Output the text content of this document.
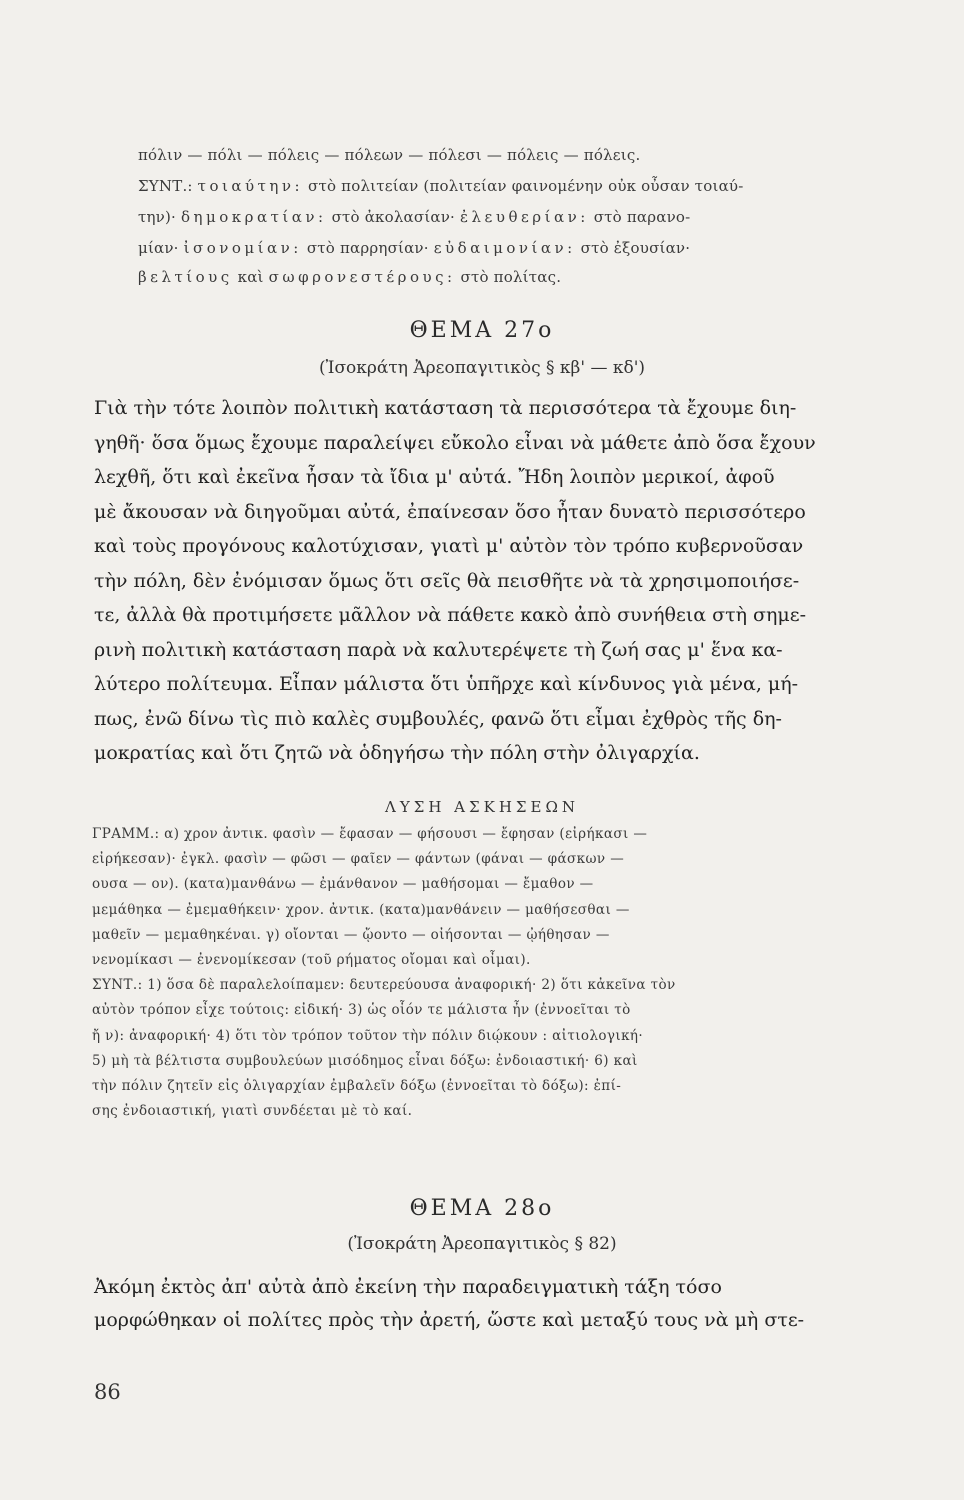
πόλιν — πόλι — πόλεις — πόλεων — πόλεσι — πόλεις — πόλεις.
ΣΥΝΤ.: τοιαύτην: στὸ πολιτείαν (πολιτείαν φαινομένην οὐκ οὖσαν τοιαύ-
την)· δημοκρατίαν: στὸ ἀκολασίαν· ἐλευθερίαν: στὸ παρανο-
μίαν· ἰσονομίαν: στὸ παρρησίαν· εὐδαιμονίαν: στὸ ἐξουσίαν·
βελτίους καὶ σωφρονεστέρους: στὸ πολίτας.
ΘΕΜΑ 27ο
(Ἰσοκράτη Ἀρεοπαγιτικὸς § κβ' — κδ')
Γιὰ τὴν τότε λοιπὸν πολιτικὴ κατάσταση τὰ περισσότερα τὰ ἔχουμε διη-
γηθῆ· ὅσα ὅμως ἔχουμε παραλείψει εὔκολο εἶναι νὰ μάθετε ἀπὸ ὅσα ἔχουν
λεχθῆ, ὅτι καὶ ἐκεῖνα ἦσαν τὰ ἴδια μ' αὐτά. Ἤδη λοιπὸν μερικοί, ἀφοῦ
μὲ ἄκουσαν νὰ διηγοῦμαι αὐτά, ἐπαίνεσαν ὅσο ἦταν δυνατὸ περισσότερο
καὶ τοὺς προγόνους καλοτύχισαν, γιατὶ μ' αὐτὸν τὸν τρόπο κυβερνοῦσαν
τὴν πόλη, δὲν ἐνόμισαν ὅμως ὅτι σεῖς θὰ πεισθῆτε νὰ τὰ χρησιμοποιήσε-
τε, ἀλλὰ θὰ προτιμήσετε μᾶλλον νὰ πάθετε κακὸ ἀπὸ συνήθεια στὴ σημε-
ρινὴ πολιτικὴ κατάσταση παρὰ νὰ καλυτερέψετε τὴ ζωή σας μ' ἕνα κα-
λύτερο πολίτευμα. Εἶπαν μάλιστα ὅτι ὑπῆρχε καὶ κίνδυνος γιὰ μένα, μή-
πως, ἐνῶ δίνω τὶς πιὸ καλὲς συμβουλές, φανῶ ὅτι εἶμαι ἐχθρὸς τῆς δη-
μοκρατίας καὶ ὅτι ζητῶ νὰ ὁδηγήσω τὴν πόλη στὴν ὀλιγαρχία.
ΛΥΣΗ ΑΣΚΗΣΕΩΝ
ΓΡΑΜΜ.: α) χρον ἀντικ. φασὶν — ἔφασαν — φήσουσι — ἔφησαν (εἰρήκασι —
εἰρήκεσαν)· ἐγκλ. φασὶν — φῶσι — φαῖεν — φάντων (φάναι — φάσκων —
ουσα — ον). (κατα)μανθάνω — ἐμάνθανον — μαθήσομαι — ἔμαθον —
μεμάθηκα — ἐμεμαθήκειν· χρον. ἀντικ. (κατα)μανθάνειν — μαθήσεσθαι —
μαθεῖν — μεμαθηκέναι. γ) οἴονται — ᾤοντο — οἰήσονται — ᾠήθησαν —
νενομίκασι — ἐνενομίκεσαν (τοῦ ρήματος οἴομαι καὶ οἶμαι).
ΣΥΝΤ.: 1) ὅσα δὲ παραλελοίπαμεν: δευτερεύουσα ἀναφορική· 2) ὅτι κἀκεῖνα τὸν
αὐτὸν τρόπον εἶχε τούτοις: εἰδική· 3) ὡς οἷόν τε μάλιστα ἦν (ἐννοεῖται τὸ
ἤ ν): ἀναφορική· 4) ὅτι τὸν τρόπον τοῦτον τὴν πόλιν διῴκουν : αἰτιολογική·
5) μὴ τὰ βέλτιστα συμβουλεύων μισόδημος εἶναι δόξω: ἐνδοιαστική· 6) καὶ
τὴν πόλιν ζητεῖν εἰς ὀλιγαρχίαν ἐμβαλεῖν δόξω (ἐννοεῖται τὸ δόξω): ἐπί-
σης ἐνδοιαστική, γιατὶ συνδέεται μὲ τὸ καί.
ΘΕΜΑ 28ο
(Ἰσοκράτη Ἀρεοπαγιτικὸς § 82)
Ἀκόμη ἐκτὸς ἀπ' αὐτὰ ἀπὸ ἐκείνη τὴν παραδειγματικὴ τάξη τόσο
μορφώθηκαν οἱ πολίτες πρὸς τὴν ἀρετή, ὥστε καὶ μεταξύ τους νὰ μὴ στε-
86
